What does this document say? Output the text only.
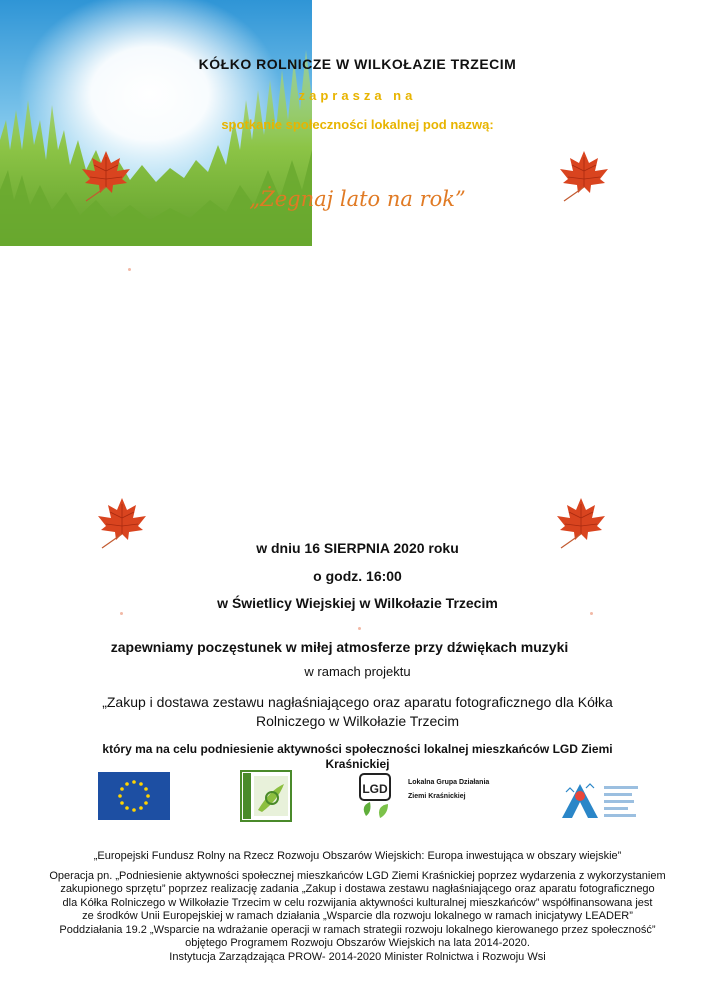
KÓŁKO ROLNICZE W WILKOŁAZIE TRZECIM
zaprasza na
spotkanie społeczności lokalnej pod nazwą:
„Żegnaj lato na rok”
w dniu 16 SIERPNIA 2020 roku
o godz. 16:00
w Świetlicy Wiejskiej w Wilkołazie Trzecim
zapewniamy poczęstunek w miłej atmosferze przy dźwiękach muzyki
w ramach projektu
„Zakup i dostawa zestawu nagłaśniającego oraz aparatu fotograficznego dla Kółka Rolniczego w Wilkołazie Trzecim
który ma na celu podniesienie aktywności społeczności lokalnej mieszkańców LGD Ziemi Kraśnickiej
LGD	Lokalna Grupa Działania
Ziemi Kraśnickiej

„Europejski Fundusz Rolny na Rzecz Rozwoju Obszarów Wiejskich: Europa inwestująca w obszary wiejskie”

Operacja pn. „Podniesienie aktywności społecznej mieszkańców LGD Ziemi Kraśnickiej poprzez wydarzenia z wykorzystaniem

zakupionego sprzętu” poprzez realizację zadania „Zakup i dostawa zestawu nagłaśniającego oraz aparatu fotograficznego

dla Kółka Rolniczego w Wilkołazie Trzecim w celu rozwijania aktywności kulturalnej mieszkańców” współfinansowana jest

ze środków Unii Europejskiej w ramach działania „Wsparcie dla rozwoju lokalnego w ramach inicjatywy LEADER”

Poddziałania 19.2 „Wsparcie na wdrażanie operacji w ramach strategii rozwoju lokalnego kierowanego przez społeczność”

objętego Programem Rozwoju Obszarów Wiejskich na lata 2014-2020.

Instytucja Zarządzająca PROW- 2014-2020 Minister Rolnictwa i Rozwoju Wsi
